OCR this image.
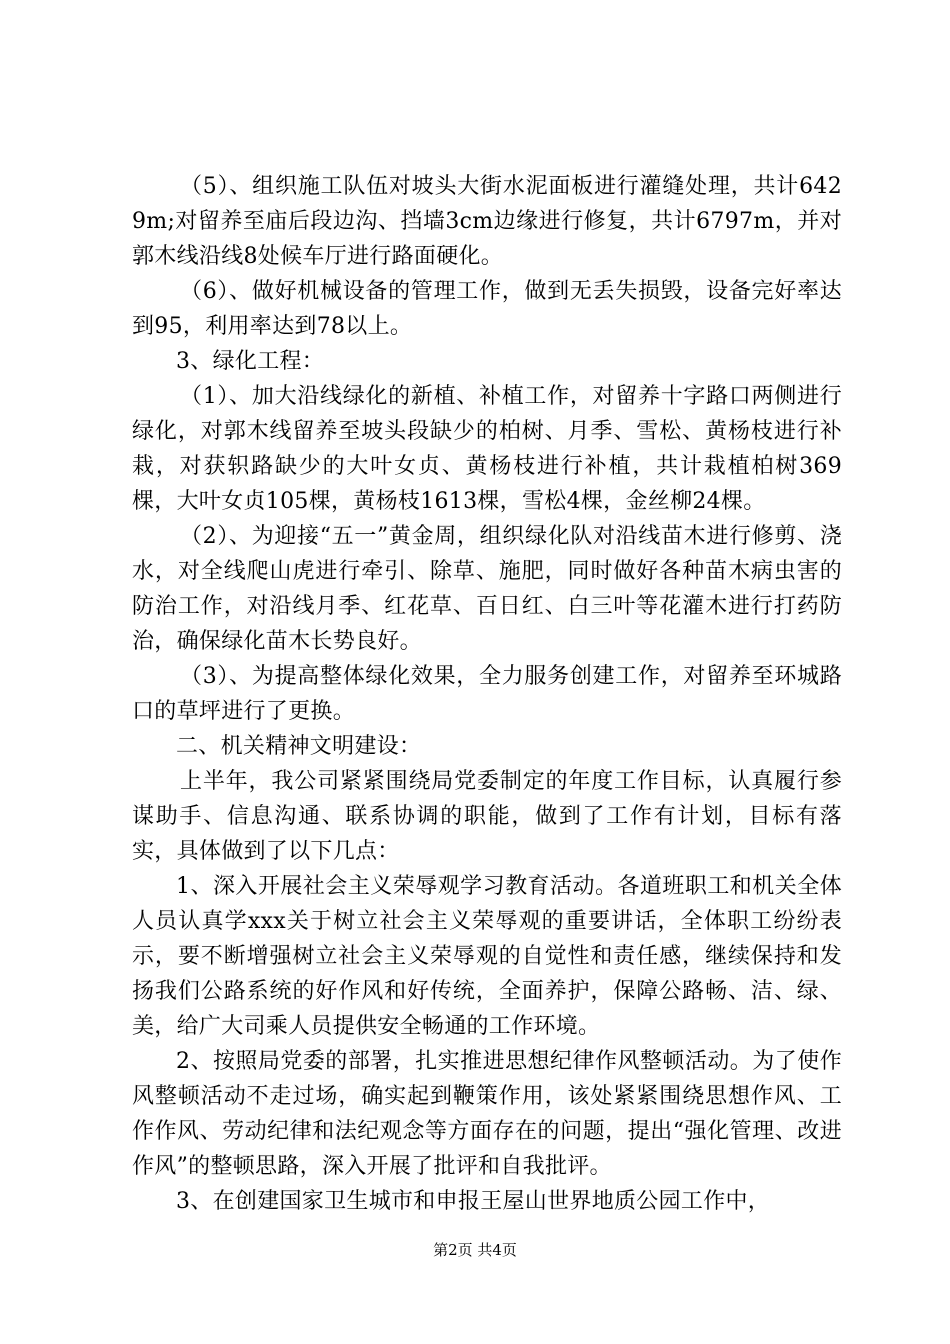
（5）、组织施工队伍对坡头大街水泥面板进行灌缝处理，共计6429m;对留养至庙后段边沟、挡墙3cm边缘进行修复，共计6797m，并对郭木线沿线8处候车厅进行路面硬化。

（6）、做好机械设备的管理工作，做到无丢失损毁，设备完好率达到95，利用率达到78以上。

3、绿化工程：

（1）、加大沿线绿化的新植、补植工作，对留养十字路口两侧进行绿化，对郭木线留养至坡头段缺少的柏树、月季、雪松、黄杨枝进行补栽，对获轵路缺少的大叶女贞、黄杨枝进行补植，共计栽植柏树369棵，大叶女贞105棵，黄杨枝1613棵，雪松4棵，金丝柳24棵。

（2）、为迎接“五一”黄金周，组织绿化队对沿线苗木进行修剪、浇水，对全线爬山虎进行牵引、除草、施肥，同时做好各种苗木病虫害的防治工作，对沿线月季、红花草、百日红、白三叶等花灌木进行打药防治，确保绿化苗木长势良好。

（3）、为提高整体绿化效果，全力服务创建工作，对留养至环城路口的草坪进行了更换。

二、机关精神文明建设：

上半年，我公司紧紧围绕局党委制定的年度工作目标，认真履行参谋助手、信息沟通、联系协调的职能，做到了工作有计划，目标有落实，具体做到了以下几点：

1、深入开展社会主义荣辱观学习教育活动。各道班职工和机关全体人员认真学xxx关于树立社会主义荣辱观的重要讲话，全体职工纷纷表示，要不断增强树立社会主义荣辱观的自觉性和责任感，继续保持和发扬我们公路系统的好作风和好传统，全面养护，保障公路畅、洁、绿、美，给广大司乘人员提供安全畅通的工作环境。

2、按照局党委的部署，扎实推进思想纪律作风整顿活动。为了使作风整顿活动不走过场，确实起到鞭策作用，该处紧紧围绕思想作风、工作作风、劳动纪律和法纪观念等方面存在的问题，提出“强化管理、改进作风”的整顿思路，深入开展了批评和自我批评。

3、在创建国家卫生城市和申报王屋山世界地质公园工作中，

第2页 共4页
